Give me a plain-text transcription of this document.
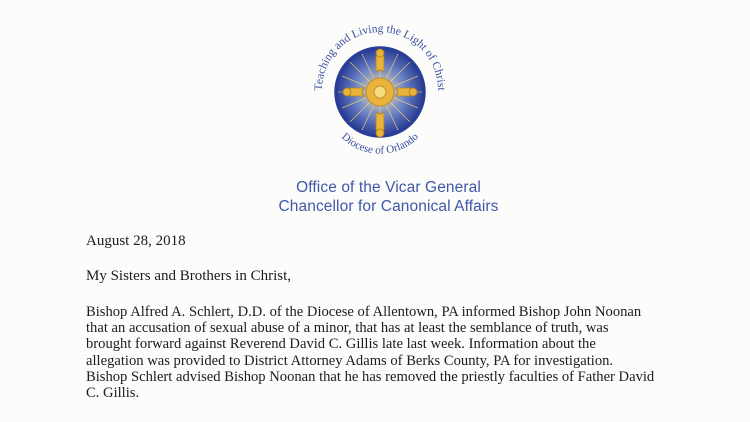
Teaching and Living the Light of Christ
Diocese of Orlando
Office of the Vicar General
Chancellor for Canonical Affairs
August 28, 2018
My Sisters and Brothers in Christ,
Bishop Alfred A. Schlert, D.D. of the Diocese of Allentown, PA informed Bishop John Noonan
that an accusation of sexual abuse of a minor, that has at least the semblance of truth, was
brought forward against Reverend David C. Gillis late last week. Information about the
allegation was provided to District Attorney Adams of Berks County, PA for investigation.
Bishop Schlert advised Bishop Noonan that he has removed the priestly faculties of Father David
C. Gillis.
